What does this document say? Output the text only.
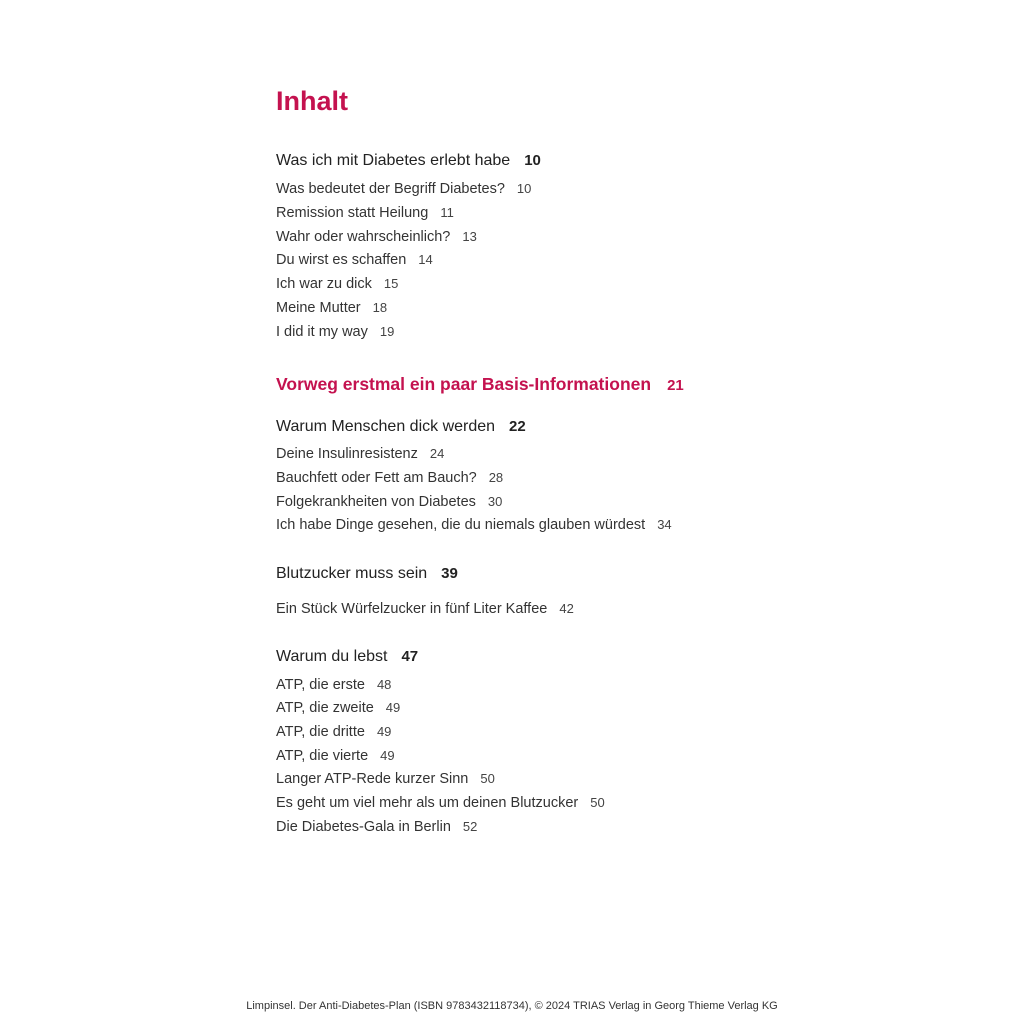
Inhalt
Was ich mit Diabetes erlebt habe 10
Was bedeutet der Begriff Diabetes? 10
Remission statt Heilung 11
Wahr oder wahrscheinlich? 13
Du wirst es schaffen 14
Ich war zu dick 15
Meine Mutter 18
I did it my way 19
Vorweg erstmal ein paar Basis-Informationen 21
Warum Menschen dick werden 22
Deine Insulinresistenz 24
Bauchfett oder Fett am Bauch? 28
Folgekrankheiten von Diabetes 30
Ich habe Dinge gesehen, die du niemals glauben würdest 34
Blutzucker muss sein 39
Ein Stück Würfelzucker in fünf Liter Kaffee 42
Warum du lebst 47
ATP, die erste 48
ATP, die zweite 49
ATP, die dritte 49
ATP, die vierte 49
Langer ATP-Rede kurzer Sinn 50
Es geht um viel mehr als um deinen Blutzucker 50
Die Diabetes-Gala in Berlin 52
Limpinsel. Der Anti-Diabetes-Plan (ISBN 9783432118734), © 2024 TRIAS Verlag in Georg Thieme Verlag KG
